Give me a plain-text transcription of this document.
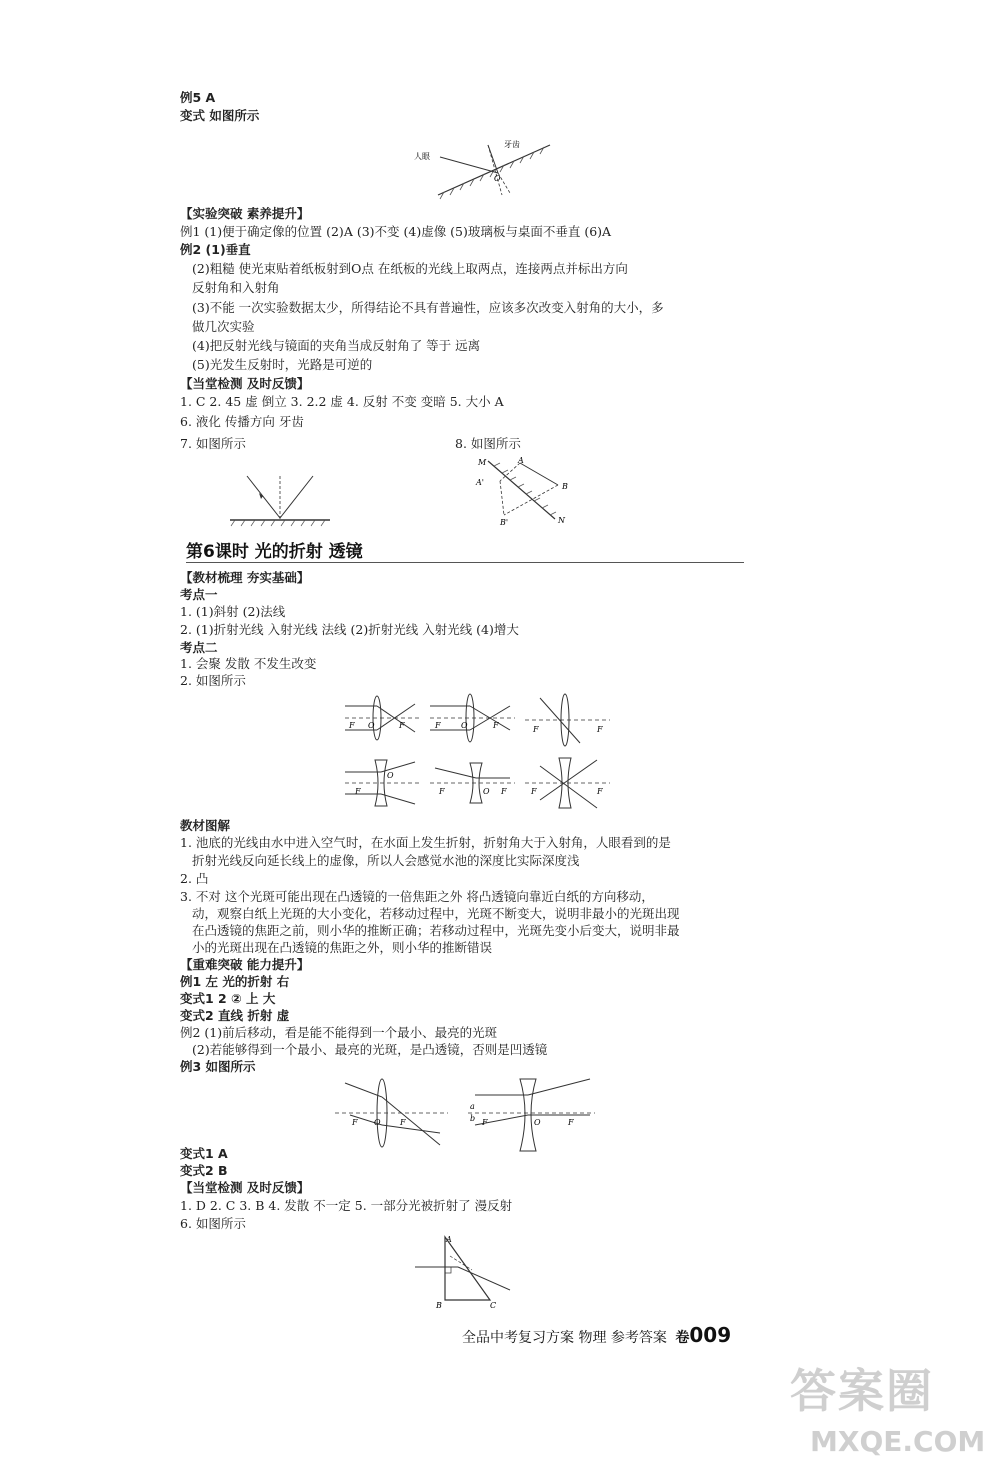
例5 A
变式 如图所示
人眼
牙齿
O
【实验突破 素养提升】
例1 (1)便于确定像的位置 (2)A (3)不变 (4)虚像 (5)玻璃板与桌面不垂直 (6)A
例2 (1)垂直
(2)粗糙 使光束贴着纸板射到O点 在纸板的光线上取两点，连接两点并标出方向
反射角和入射角
(3)不能 一次实验数据太少，所得结论不具有普遍性，应该多次改变入射角的大小，多
做几次实验
(4)把反射光线与镜面的夹角当成反射角了 等于 远离
(5)光发生反射时，光路是可逆的
【当堂检测 及时反馈】
1. C 2. 45 虚 倒立 3. 2.2 虚 4. 反射 不变 变暗 5. 大小 A
6. 液化 传播方向 牙齿
7. 如图所示	8. 如图所示
M	A
A'	B
B'	N
第6课时 光的折射 透镜
【教材梳理 夯实基础】
考点一
1. (1)斜射 (2)法线
2. (1)折射光线 入射光线 法线 (2)折射光线 入射光线 (4)增大
考点二
1. 会聚 发散 不发生改变
2. 如图所示
F O	F	F	O	F	F	F
F
O
F	O F	F	F
教材图解
1. 池底的光线由水中进入空气时，在水面上发生折射，折射角大于入射角，人眼看到的是
折射光线反向延长线上的虚像，所以人会感觉水池的深度比实际深度浅
2. 凸
3. 不对 这个光斑可能出现在凸透镜的一倍焦距之外 将凸透镜向靠近白纸的方向移动，
动，观察白纸上光斑的大小变化，若移动过程中，光斑不断变大，说明非最小的光斑出现
在凸透镜的焦距之前，则小华的推断正确；若移动过程中，光斑先变小后变大，说明非最
小的光斑出现在凸透镜的焦距之外，则小华的推断错误
【重难突破 能力提升】
例1 左 光的折射 右
变式1 2 ② 上 大
变式2 直线 折射 虚
例2 (1)前后移动，看是能不能得到一个最小、最亮的光斑
(2)若能够得到一个最小、最亮的光斑，是凸透镜，否则是凹透镜
例3 如图所示
F O F
a
b F	O	F
变式1 A
变式2 B
【当堂检测 及时反馈】
1. D 2. C 3. B 4. 发散 不一定 5. 一部分光被折射了 漫反射
6. 如图所示
A
B	C
全品中考复习方案 物理 参考答案 卷009
答案圈
MXQE.COM
